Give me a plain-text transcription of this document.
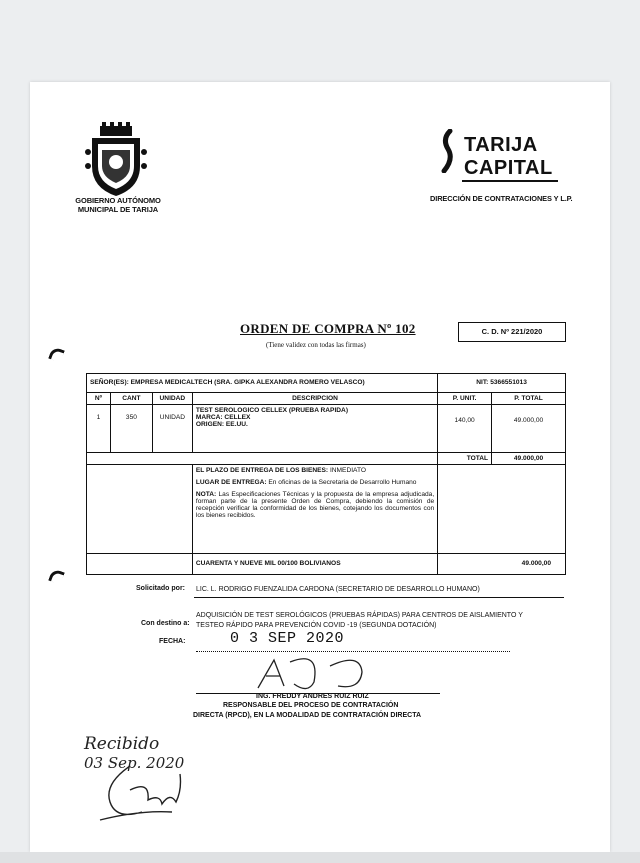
GOBIERNO AUTÓNOMO
MUNICIPAL DE TARIJA
TARIJA
CAPITAL
DIRECCIÓN DE CONTRATACIONES Y L.P.
ORDEN DE COMPRA Nº 102
(Tiene validez con todas las firmas)
C. D. Nº 221/2020
SEÑOR(ES): EMPRESA MEDICALTECH (SRA. GIPKA ALEXANDRA ROMERO VELASCO)				NIT: 5366551013	
Nº	CANT	UNIDAD	DESCRIPCION	P. UNIT.	P. TOTAL
1	350	UNIDAD	TEST SEROLOGICO CELLEX (PRUEBA RAPIDA)
MARCA: CELLEX
ORIGEN: EE.UU.	140,00	49.000,00
				TOTAL	49.000,00

			EL PLAZO DE ENTREGA DE LOS BIENES: INMEDIATO
LUGAR DE ENTREGA: En oficinas de la Secretaria de Desarrollo Humano
NOTA: Las Especificaciones Técnicas y la propuesta de la empresa adjudicada, forman parte de la presente Orden de Compra, debiendo la comisión de recepción verificar la conformidad de los bienes, cotejando los documentos con los bienes recibidos.		

			CUARENTA Y NUEVE MIL 00/100 BOLIVIANOS	49.000,00	
Solicitado por: LIC. L. RODRIGO FUENZALIDA CARDONA (SECRETARIO DE DESARROLLO HUMANO)
Con destino a:
ADQUISICIÓN DE TEST SEROLÓGICOS (PRUEBAS RÁPIDAS) PARA CENTROS DE AISLAMIENTO Y
TESTEO RÁPIDO PARA PREVENCIÓN COVID -19 (SEGUNDA DOTACIÓN)
FECHA:	0 3 SEP 2020
ING. FREDDY ANDRES RUIZ RUIZ
RESPONSABLE DEL PROCESO DE CONTRATACIÓN
DIRECTA (RPCD), EN LA MODALIDAD DE CONTRATACIÓN DIRECTA
Recibido
03 Sep. 2020
